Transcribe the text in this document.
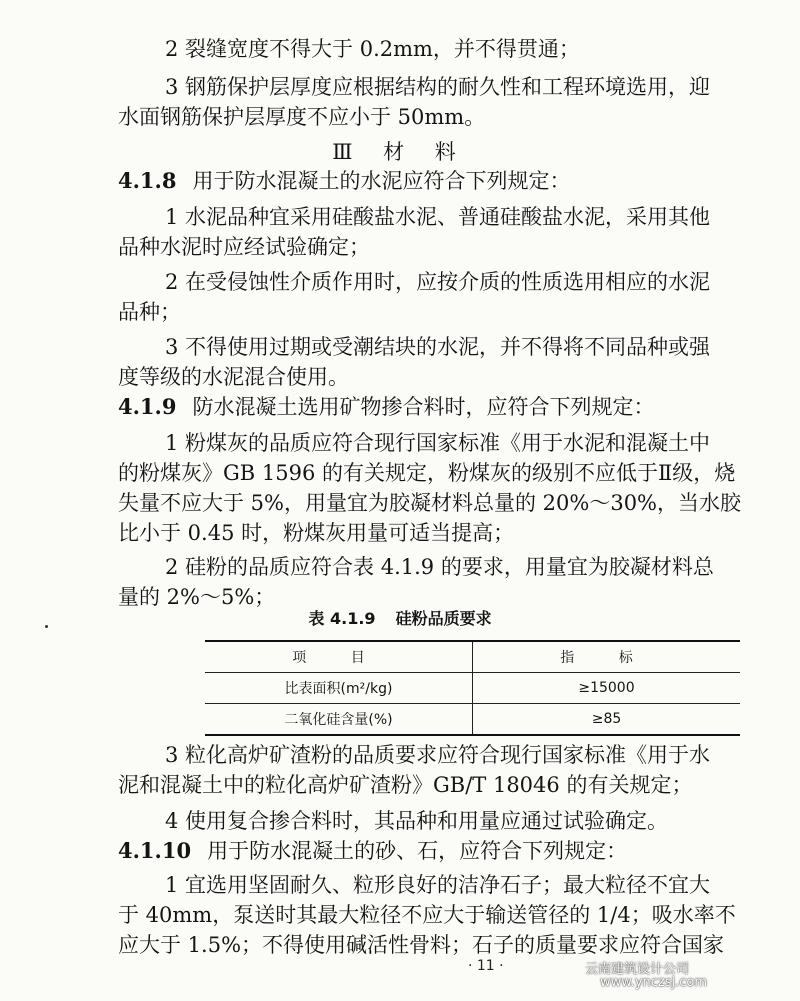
2 裂缝宽度不得大于 0.2mm，并不得贯通；
3 钢筋保护层厚度应根据结构的耐久性和工程环境选用，迎
水面钢筋保护层厚度不应小于 50mm。
Ⅲ 材 料
4.1.8 用于防水混凝土的水泥应符合下列规定：
1 水泥品种宜采用硅酸盐水泥、普通硅酸盐水泥，采用其他
品种水泥时应经试验确定；
2 在受侵蚀性介质作用时，应按介质的性质选用相应的水泥
品种；
3 不得使用过期或受潮结块的水泥，并不得将不同品种或强
度等级的水泥混合使用。
4.1.9 防水混凝土选用矿物掺合料时，应符合下列规定：
1 粉煤灰的品质应符合现行国家标准《用于水泥和混凝土中
的粉煤灰》GB 1596 的有关规定，粉煤灰的级别不应低于Ⅱ级，烧
失量不应大于 5%，用量宜为胶凝材料总量的 20%～30%，当水胶
比小于 0.45 时，粉煤灰用量可适当提高；
2 硅粉的品质应符合表 4.1.9 的要求，用量宜为胶凝材料总
量的 2%～5%；
表 4.1.9 硅粉品质要求
项 目	指 标
比表面积(m²/kg)	≥15000
二氧化硅含量(%)	≥85
3 粒化高炉矿渣粉的品质要求应符合现行国家标准《用于水
泥和混凝土中的粒化高炉矿渣粉》GB/T 18046 的有关规定；
4 使用复合掺合料时，其品种和用量应通过试验确定。
4.1.10 用于防水混凝土的砂、石，应符合下列规定：
1 宜选用坚固耐久、粒形良好的洁净石子；最大粒径不宜大
于 40mm，泵送时其最大粒径不应大于输送管径的 1/4；吸水率不
应大于 1.5%；不得使用碱活性骨料；石子的质量要求应符合国家
· 11 ·	云南建筑设计公司
www.ynczsj.com
